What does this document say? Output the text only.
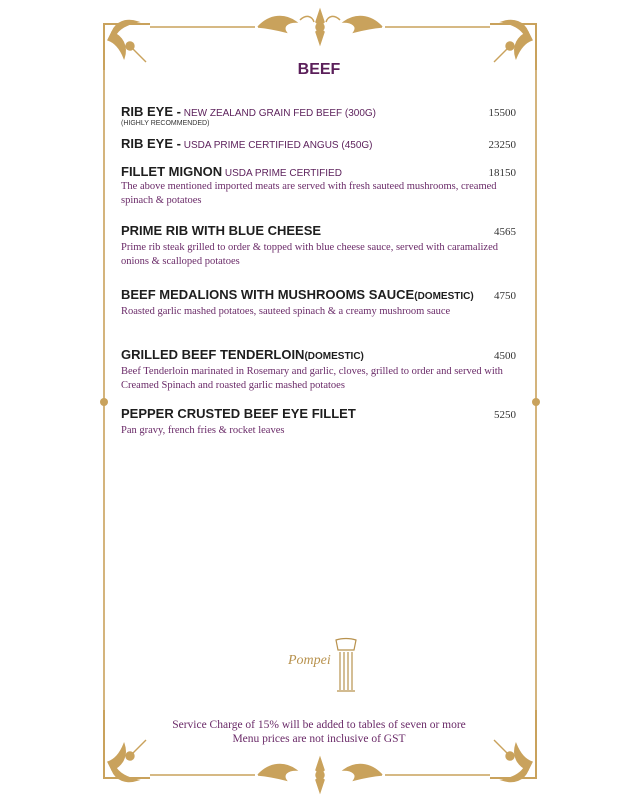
BEEF
RIB EYE - NEW ZEALAND GRAIN FED BEEF (300G)
(HIGHLY RECOMMENDED)
15500
RIB EYE - USDA PRIME CERTIFIED ANGUS (450G)	23250
FILLET MIGNON USDA PRIME CERTIFIED
The above mentioned imported meats are served with fresh sauteed mushrooms, creamed spinach & potatoes
18150
PRIME RIB WITH BLUE CHEESE
Prime rib steak grilled to order & topped with blue cheese sauce, served with caramalized onions & scalloped potatoes
4565
BEEF MEDALIONS WITH MUSHROOMS SAUCE(DOMESTIC)
Roasted garlic mashed potatoes, sauteed spinach & a creamy mushroom sauce
4750
GRILLED BEEF TENDERLOIN(DOMESTIC)
Beef Tenderloin marinated in Rosemary and garlic, cloves, grilled to order and served with Creamed Spinach and roasted garlic mashed potatoes
4500
PEPPER CRUSTED BEEF EYE FILLET
Pan gravy, french fries & rocket leaves
5250
Pompei
Service Charge of 15% will be added to tables of seven or more
Menu prices are not inclusive of GST
